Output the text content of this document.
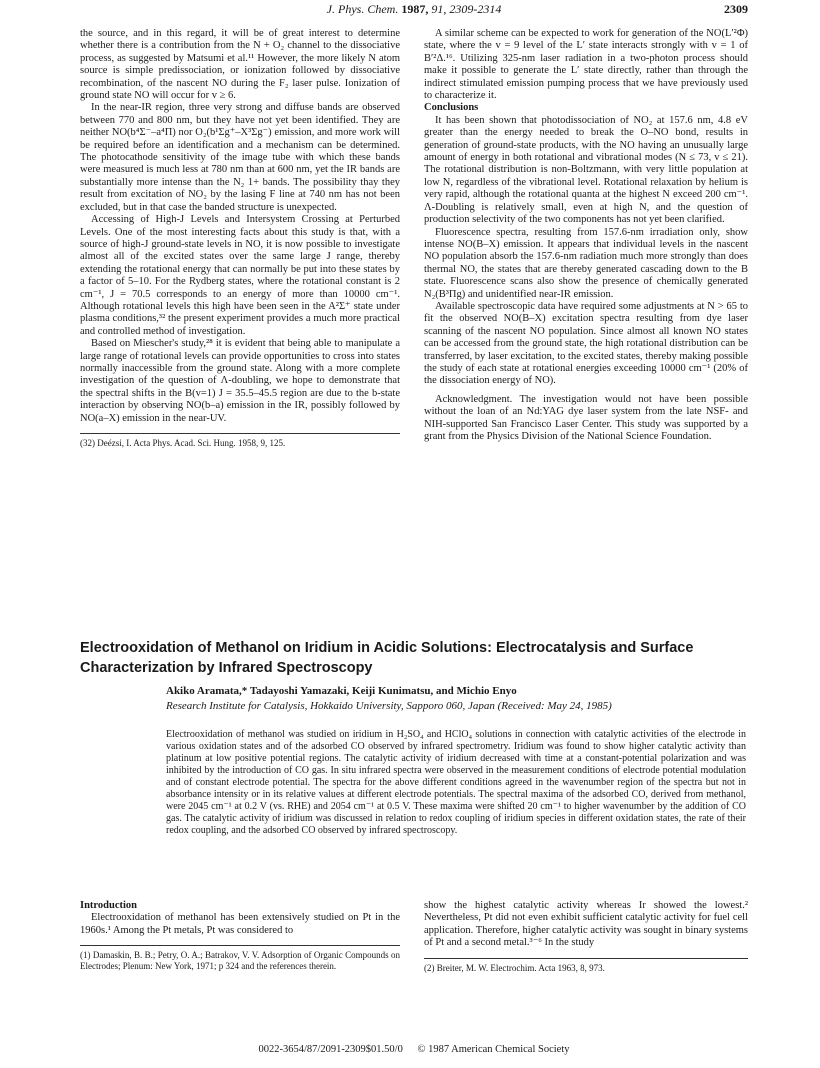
J. Phys. Chem. 1987, 91, 2309-2314	2309

the source, and in this regard, it will be of great interest to determine whether there is a contribution from the N + O₂ channel to the dissociative process, as suggested by Matsumi et al.¹¹ However, the more likely N atom source is simple predissociation, or ionization followed by dissociative recombination, of the nascent NO during the F₂ laser pulse. Ionization of ground state NO will occur for v ≥ 6.

In the near-IR region, three very strong and diffuse bands are observed between 770 and 800 nm, but they have not yet been identified. They are neither NO(b⁴Σ⁻–a⁴Π) nor O₂(b¹Σg⁺–X³Σg⁻) emission, and more work will be required before an identification and a mechanism can be determined. The photocathode sensitivity of the image tube with which these bands were measured is much less at 780 nm than at 600 nm, yet the IR bands are substantially more intense than the N₂ 1+ bands. The possibility thay they result from excitation of NO₂ by the lasing F line at 740 nm has not been excluded, but in that case the banded structure is unexpected.

Accessing of High-J Levels and Intersystem Crossing at Perturbed Levels. One of the most interesting facts about this study is that, with a source of high-J ground-state levels in NO, it is now possible to investigate almost all of the excited states over the same large J range, thereby extending the rotational energy that can normally be put into these states by a factor of 5–10. For the Rydberg states, where the rotational constant is 2 cm⁻¹, J = 70.5 corresponds to an energy of more than 10000 cm⁻¹. Although rotational levels this high have been seen in the A²Σ⁺ state under plasma conditions,³² the present experiment provides a much more practical and controlled method of investigation.

Based on Miescher's study,²⁸ it is evident that being able to manipulate a large range of rotational levels can provide opportunities to cross into states normally inaccessible from the ground state. Along with a more complete investigation of the question of Λ-doubling, we hope to demonstrate that the spectral shifts in the B(v=1) J = 35.5–45.5 region are due to the b-state interaction by observing NO(b–a) emission in the IR, possibly followed by NO(a–X) emission in the near-UV.

(32) Deézsi, I. Acta Phys. Acad. Sci. Hung. 1958, 9, 125.

A similar scheme can be expected to work for generation of the NO(L′²Φ) state, where the v = 9 level of the L′ state interacts strongly with v = 1 of B′²Δ.¹⁶. Utilizing 325-nm laser radiation in a two-photon process should make it possible to generate the L′ state directly, rather than through the indirect stimulated emission pumping process that we have previously used to characterize it.

Conclusions

It has been shown that photodissociation of NO₂ at 157.6 nm, 4.8 eV greater than the energy needed to break the O–NO bond, results in generation of ground-state products, with the NO having an unusually large amount of energy in both rotational and vibrational modes (N ≤ 73, v ≤ 21). The rotational distribution is non-Boltzmann, with very little population at low N, regardless of the vibrational level. Rotational relaxation by helium is very rapid, although the rotational quanta at the highest N exceed 200 cm⁻¹. Λ-Doubling is relatively small, even at high N, and the question of production selectivity of the two components has not yet been clarified.

Fluorescence spectra, resulting from 157.6-nm irradiation only, show intense NO(B–X) emission. It appears that individual levels in the nascent NO population absorb the 157.6-nm radiation much more strongly than does thermal NO, the states that are thereby generated cascading down to the B state. Fluorescence scans also show the presence of chemically generated N₂(B³Πg) and unidentified near-IR emission.

Available spectroscopic data have required some adjustments at N > 65 to fit the observed NO(B–X) excitation spectra resulting from dye laser scanning of the nascent NO population. Since almost all known NO states can be accessed from the ground state, the high rotational distribution can be transferred, by laser excitation, to the excited states, thereby making possible the study of each state at rotational energies exceeding 10000 cm⁻¹ (20% of the dissociation energy of NO).

Acknowledgment. The investigation would not have been possible without the loan of an Nd:YAG dye laser system from the late NSF- and NIH-supported San Francisco Laser Center. This study was supported by a grant from the Physics Division of the National Science Foundation.

Electrooxidation of Methanol on Iridium in Acidic Solutions: Electrocatalysis and Surface Characterization by Infrared Spectroscopy
Akiko Aramata,* Tadayoshi Yamazaki, Keiji Kunimatsu, and Michio Enyo
Research Institute for Catalysis, Hokkaido University, Sapporo 060, Japan (Received: May 24, 1985)
Electrooxidation of methanol was studied on iridium in H₂SO₄ and HClO₄ solutions in connection with catalytic activities of the electrode in various oxidation states and of the adsorbed CO observed by infrared spectrometry. Iridium was found to show higher catalytic activity than platinum at low positive potential regions. The catalytic activity of iridium decreased with time at a constant-potential polarization and was inhibited by the introduction of CO gas. In situ infrared spectra were observed in the measurement conditions of electrode potential modulation and of constant electrode potential. The spectra for the above different conditions agreed in the wavenumber region of the spectra but not in absorbance intensity or in its relative values at different electrode potentials. The spectral maxima of the adsorbed CO, derived from methanol, were 2045 cm⁻¹ at 0.2 V (vs. RHE) and 2054 cm⁻¹ at 0.5 V. These maxima were shifted 20 cm⁻¹ to higher wavenumber by the addition of CO gas. The catalytic activity of iridium was discussed in relation to redox coupling of iridium species in different oxidation states, the rate of their redox coupling, and the adsorbed CO observed by infrared spectroscopy.

Introduction

Electrooxidation of methanol has been extensively studied on Pt in the 1960s.¹ Among the Pt metals, Pt was considered to

(1) Damaskin, B. B.; Petry, O. A.; Batrakov, V. V. Adsorption of Organic Compounds on Electrodes; Plenum: New York, 1971; p 324 and the references therein.

show the highest catalytic activity whereas Ir showed the lowest.² Nevertheless, Pt did not even exhibit sufficient catalytic activity for fuel cell application. Therefore, higher catalytic activity was sought in binary systems of Pt and a second metal.³⁻⁶ In the study

(2) Breiter, M. W. Electrochim. Acta 1963, 8, 973.

0022-3654/87/2091-2309$01.50/0 © 1987 American Chemical Society
